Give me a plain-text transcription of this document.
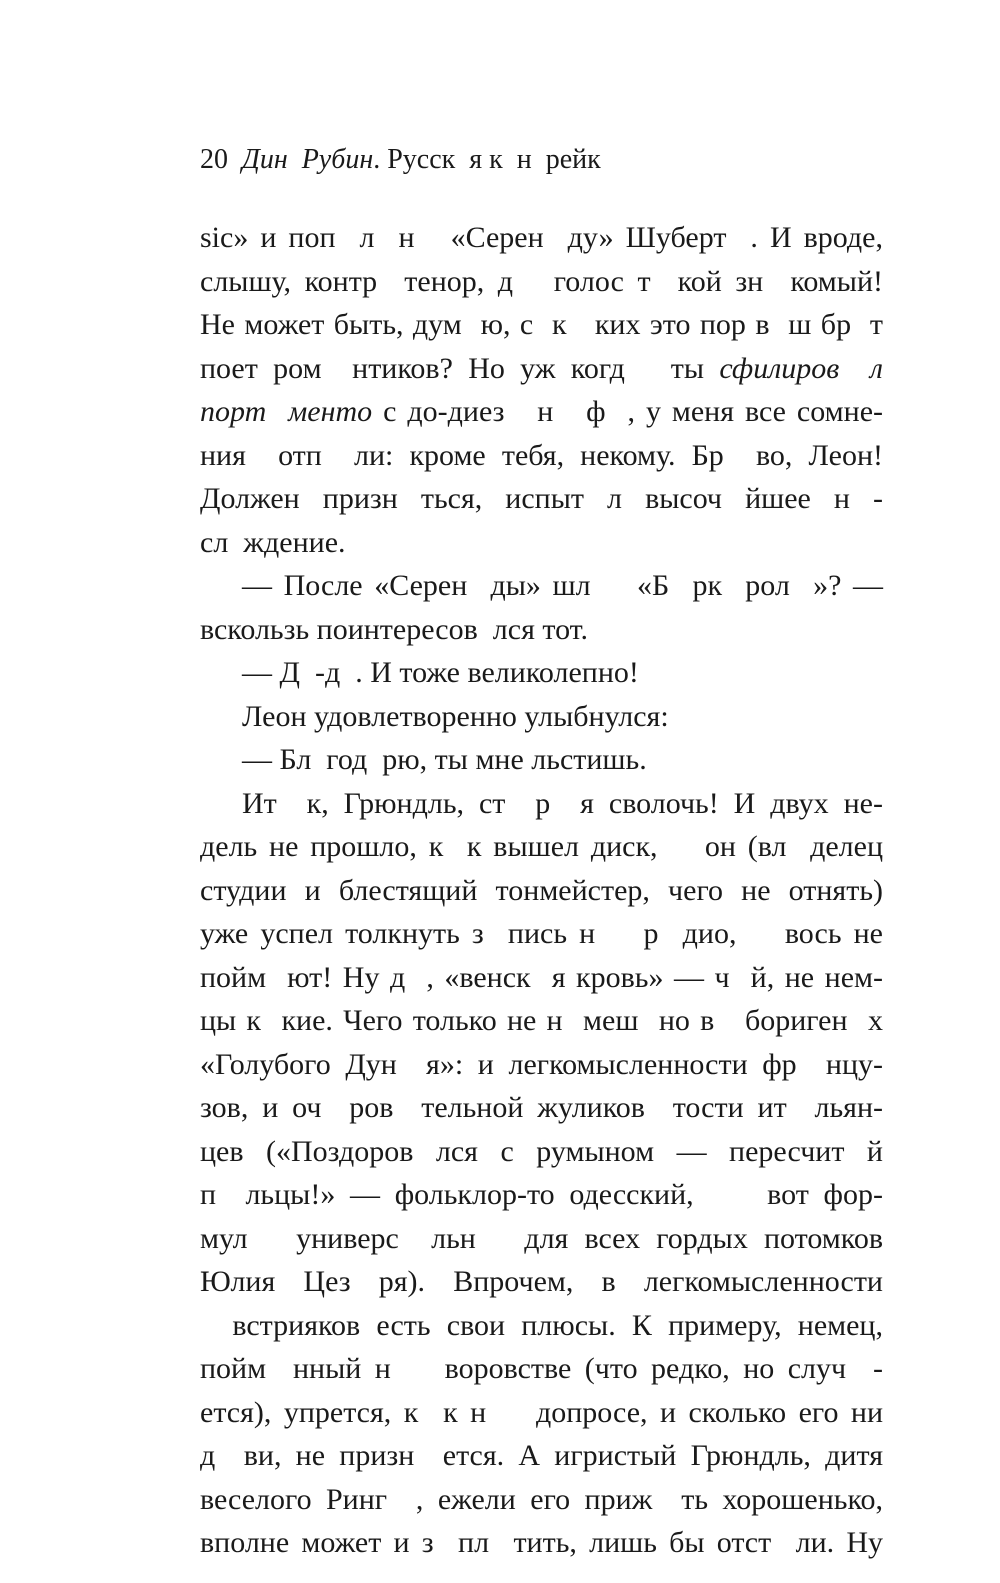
20 Дин  Рубин. Русск  я к  н  рейк
sic» и поп  л  н   «Серен  ду» Шуберт  . И вроде,
слышу, контр  тенор, д   голос т  кой зн  комый!
Не может быть, дум  ю, с  к   ких это пор в  ш бр  т
поет ром  нтиков? Но уж когд   ты сфилиров  л
порт  менто с до-диез   н   ф  , у меня все сомне-
ния  отп  ли: кроме тебя, некому. Бр  во, Леон!
Должен  призн  ться,  испыт  л  высоч  йшее  н  -
сл  ждение.
— После «Серен  ды» шл    «Б  рк  рол  »? —
вскользь поинтересов  лся тот.
— Д  -д  . И тоже великолепно!
Леон удовлетворенно улыбнулся:
— Бл  год  рю, ты мне льстишь.
Ит  к, Грюндль, ст  р  я сволочь! И двух не-
дель не прошло, к  к вышел диск,    он (вл  делец
студии и блестящий тонмейстер, чего не отнять)
уже успел толкнуть з  пись н    р  дио,    вось не
пойм  ют! Ну д  , «венск  я кровь» — ч  й, не нем-
цы к  кие. Чего только не н  меш  но в   бориген  х
«Голубого Дун  я»: и легкомысленности фр  нцу-
зов, и оч  ров  тельной жуликов  тости ит  льян-
цев  («Поздоров  лся  с  румыном  —  пересчит  й
п  льцы!» — фольклор-то одесский,     вот фор-
мул   универс  льн   для всех гордых потомков
Юлия  Цез  ря).  Впрочем,  в  легкомысленности
встрияков есть свои плюсы. К примеру, немец,
пойм  нный н    воровстве (что редко, но случ  -
ется), упрется, к  к н    допросе, и сколько его ни
д  ви, не призн  ется. А игристый Грюндль, дитя
веселого Ринг  , ежели его приж  ть хорошенько,
вполне может и з  пл  тить, лишь бы отст  ли. Ну
